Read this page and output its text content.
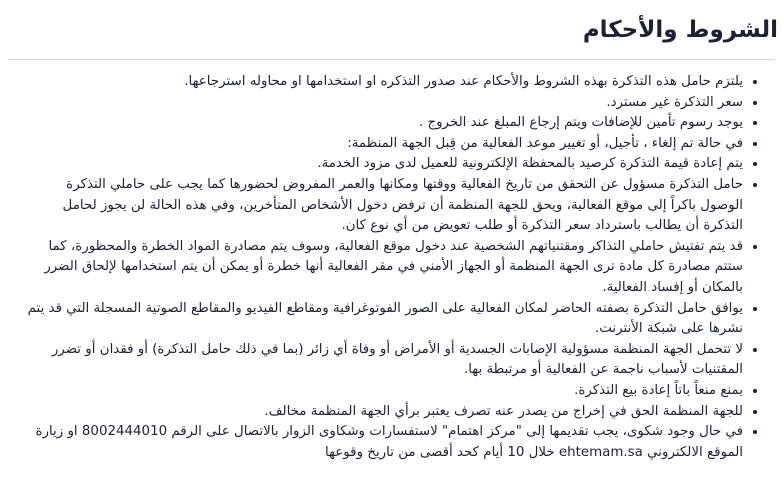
الشروط والأحكام
• يلتزم حامل هذه التذكرة بهذه الشروط والأحكام عند صدور التذكره او استخدامها او محاوله استرجاعها.
• سعر التذكرة غير مسترد.
• يوجد رسوم تأمين للإضافات ويتم إرجاع المبلغ عند الخروج .
• في حالة تم إلغاء ، تأجيل، أو تغيير موعد الفعالية من قِبل الجهة المنظمة:
• يتم إعادة قيمة التذكرة كرصيد بالمحفظة الإلكترونية للعميل لدى مزود الخدمة.
• حامل التذكرة مسؤول عن التحقق من تاريخ الفعالية ووقتها ومكانها والعمر المفروض لحضورها كما يجب على حاملي التذكرة الوصول باكراً إلى موقع الفعالية، ويحق للجهة المنظمة أن ترفض دخول الأشخاص المتأخرين، وفي هذه الحالة لن يجوز لحامل التذكرة أن يطالب باسترداد سعر التذكرة أو طلب تعويض من أي نوع كان.
• قد يتم تفتيش حاملي التذاكر ومقتنياتهم الشخصية عند دخول موقع الفعالية، وسوف يتم مصادرة المواد الخطرة والمحظورة، كما ستتم مصادرة كل مادة ترى الجهة المنظمة أو الجهاز الأمني في مقر الفعالية أنها خطرة أو يمكن أن يتم استخدامها لإلحاق الضرر بالمكان أو إفساد الفعالية.
• يوافق حامل التذكرة بصفته الحاضر لمكان الفعالية على الصور الفوتوغرافية ومقاطع الفيديو والمقاطع الصوتية المسجلة التي قد يتم نشرها على شبكة الأنترنت.
• لا تتحمل الجهة المنظمة مسؤولية الإصابات الجسدية أو الأمراض أو وفاة أي زائر (بما في ذلك حامل التذكرة) أو فقدان أو تضرر المقتنيات لأسباب ناجمة عن الفعالية أو مرتبطة بها.
• يمنع منعاً باتاً إعادة بيع التذكرة.
• للجهة المنظمة الحق في إخراج من يصدر عنه تصرف يعتبر برأي الجهة المنظمة مخالف.
• في حال وجود شكوى، يجب تقديمها إلى "مركز اهتمام" لاستفسارات وشكاوى الزوار بالاتصال على الرقم 8002444010 او زيارة الموقع الالكتروني ehtemam.sa خلال 10 أيام كحد أقصى من تاريخ وقوعها
